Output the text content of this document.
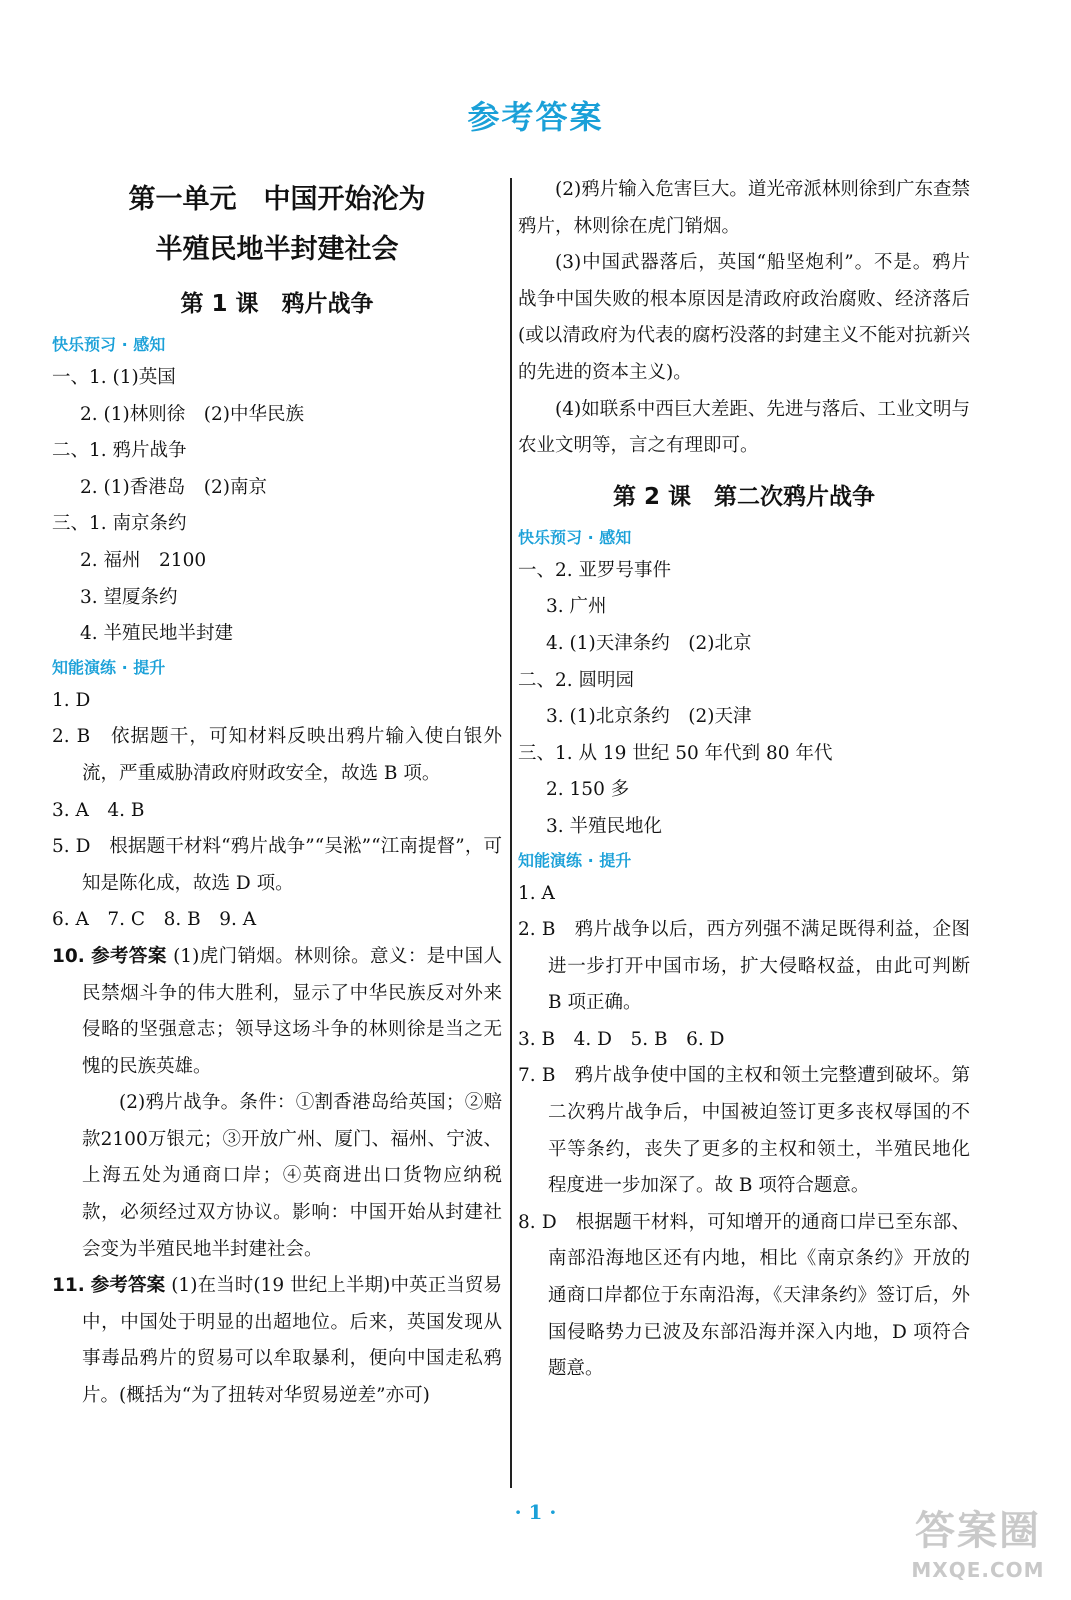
参考答案
第一单元　中国开始沦为
半殖民地半封建社会
第 1 课　鸦片战争
快乐预习 · 感知
一、1. (1)英国
2. (1)林则徐　(2)中华民族
二、1. 鸦片战争
2. (1)香港岛　(2)南京
三、1. 南京条约
2. 福州　2100
3. 望厦条约
4. 半殖民地半封建
知能演练 · 提升
1. D
2. B　依据题干，可知材料反映出鸦片输入使白银外流，严重威胁清政府财政安全，故选 B 项。
3. A　4. B
5. D　根据题干材料“鸦片战争”“吴淞”“江南提督”，可知是陈化成，故选 D 项。
6. A　7. C　8. B　9. A
10. 参考答案 (1)虎门销烟。林则徐。意义：是中国人民禁烟斗争的伟大胜利，显示了中华民族反对外来侵略的坚强意志；领导这场斗争的林则徐是当之无愧的民族英雄。
(2)鸦片战争。条件：①割香港岛给英国；②赔款2100万银元；③开放广州、厦门、福州、宁波、上海五处为通商口岸；④英商进出口货物应纳税款，必须经过双方协议。影响：中国开始从封建社会变为半殖民地半封建社会。
11. 参考答案 (1)在当时(19 世纪上半期)中英正当贸易中，中国处于明显的出超地位。后来，英国发现从事毒品鸦片的贸易可以牟取暴利，便向中国走私鸦片。(概括为“为了扭转对华贸易逆差”亦可)
(2)鸦片输入危害巨大。道光帝派林则徐到广东查禁鸦片，林则徐在虎门销烟。
(3)中国武器落后，英国“船坚炮利”。不是。鸦片战争中国失败的根本原因是清政府政治腐败、经济落后(或以清政府为代表的腐朽没落的封建主义不能对抗新兴的先进的资本主义)。
(4)如联系中西巨大差距、先进与落后、工业文明与农业文明等，言之有理即可。
第 2 课　第二次鸦片战争
快乐预习 · 感知
一、2. 亚罗号事件
3. 广州
4. (1)天津条约　(2)北京
二、2. 圆明园
3. (1)北京条约　(2)天津
三、1. 从 19 世纪 50 年代到 80 年代
2. 150 多
3. 半殖民地化
知能演练 · 提升
1. A
2. B　鸦片战争以后，西方列强不满足既得利益，企图进一步打开中国市场，扩大侵略权益，由此可判断 B 项正确。
3. B　4. D　5. B　6. D
7. B　鸦片战争使中国的主权和领土完整遭到破坏。第二次鸦片战争后，中国被迫签订更多丧权辱国的不平等条约，丧失了更多的主权和领土，半殖民地化程度进一步加深了。故 B 项符合题意。
8. D　根据题干材料，可知增开的通商口岸已至东部、南部沿海地区还有内地，相比《南京条约》开放的通商口岸都位于东南沿海，《天津条约》签订后，外国侵略势力已波及东部沿海并深入内地，D 项符合题意。
· 1 ·	答案圈
MXQE.COM
